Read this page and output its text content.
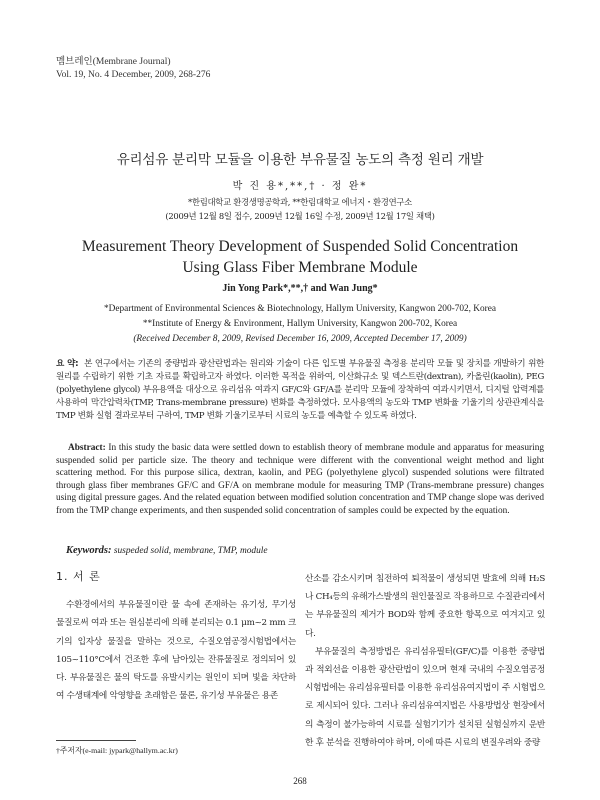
멤브레인(Membrane Journal)
Vol. 19, No. 4 December, 2009, 268-276
유리섬유 분리막 모듈을 이용한 부유물질 농도의 측정 원리 개발
박 진 용*,**,† · 정 완*
*한림대학교 환경생명공학과, **한림대학교 에너지・환경연구소
(2009년 12월 8일 접수, 2009년 12월 16일 수정, 2009년 12월 17일 채택)
Measurement Theory Development of Suspended Solid Concentration
Using Glass Fiber Membrane Module
Jin Yong Park*,**,† and Wan Jung*
*Department of Environmental Sciences & Biotechnology, Hallym University, Kangwon 200-702, Korea
**Institute of Energy & Environment, Hallym University, Kangwon 200-702, Korea
(Received December 8, 2009, Revised December 16, 2009, Accepted December 17, 2009)
요 약: 본 연구에서는 기존의 중량법과 광산란법과는 원리와 기술이 다른 입도별 부유물질 측정용 분리막 모듈 및 장치를 개발하기 위한 원리를 수립하기 위한 기초 자료를 확립하고자 하였다. 이러한 목적을 위하여, 이산화규소 및 덱스트란(dextran), 카올린(kaolin), PEG (polyethylene glycol) 부유용액을 대상으로 유리섬유 여과지 GF/C와 GF/A를 분리막 모듈에 장착하여 여과시키면서, 디지털 압력계를 사용하여 막간압력차(TMP, Trans-membrane pressure) 변화를 측정하였다. 모사용액의 농도와 TMP 변화율 기울기의 상관관계식을 TMP 변화 실험 결과로부터 구하여, TMP 변화 기울기로부터 시료의 농도를 예측할 수 있도록 하였다.
Abstract: In this study the basic data were settled down to establish theory of membrane module and apparatus for measuring suspended solid per particle size. The theory and technique were different with the conventional weight method and light scattering method. For this purpose silica, dextran, kaolin, and PEG (polyethylene glycol) suspended solutions were filtrated through glass fiber membranes GF/C and GF/A on membrane module for measuring TMP (Trans-membrane pressure) changes using digital pressure gages. And the related equation between modified solution concentration and TMP change slope was derived from the TMP change experiments, and then suspended solid concentration of samples could be expected by the equation.
Keywords: suspeded solid, membrane, TMP, module
1. 서 론

수환경에서의 부유물질이란 물 속에 존재하는 유기성, 무기성 물질로써 여과 또는 원심분리에 의해 분리되는 0.1 μm~2 mm 크기의 입자상 물질을 말하는 것으로, 수질오염공정시험법에서는 105~110°C에서 건조한 후에 남아있는 잔류물질로 정의되어 있다. 부유물질은 물의 탁도를 유발시키는 원인이 되며 빛을 차단하여 수생태계에 악영향을 초래함은 물론, 유기성 부유물은 용존

산소를 감소시키며 침전하여 퇴적물이 생성되면 발효에 의해 H₂S나 CH₄등의 유해가스발생의 원인물질로 작용하므로 수질관리에서는 부유물질의 제거가 BOD와 함께 중요한 항목으로 여겨지고 있다.

부유물질의 측정방법은 유리섬유필터(GF/C)를 이용한 중량법과 적외선을 이용한 광산란법이 있으며 현재 국내의 수질오염공정시험법에는 유리섬유필터를 이용한 유리섬유여지법이 주 시험법으로 제시되어 있다. 그러나 유리섬유여지법은 사용방법상 현장에서의 측정이 불가능하여 시료를 실험기기가 설치된 실험실까지 운반한 후 분석을 진행하여야 하며, 이에 따른 시료의 변질우려와 중량

†주저자(e-mail: jypark@hallym.ac.kr)
268
